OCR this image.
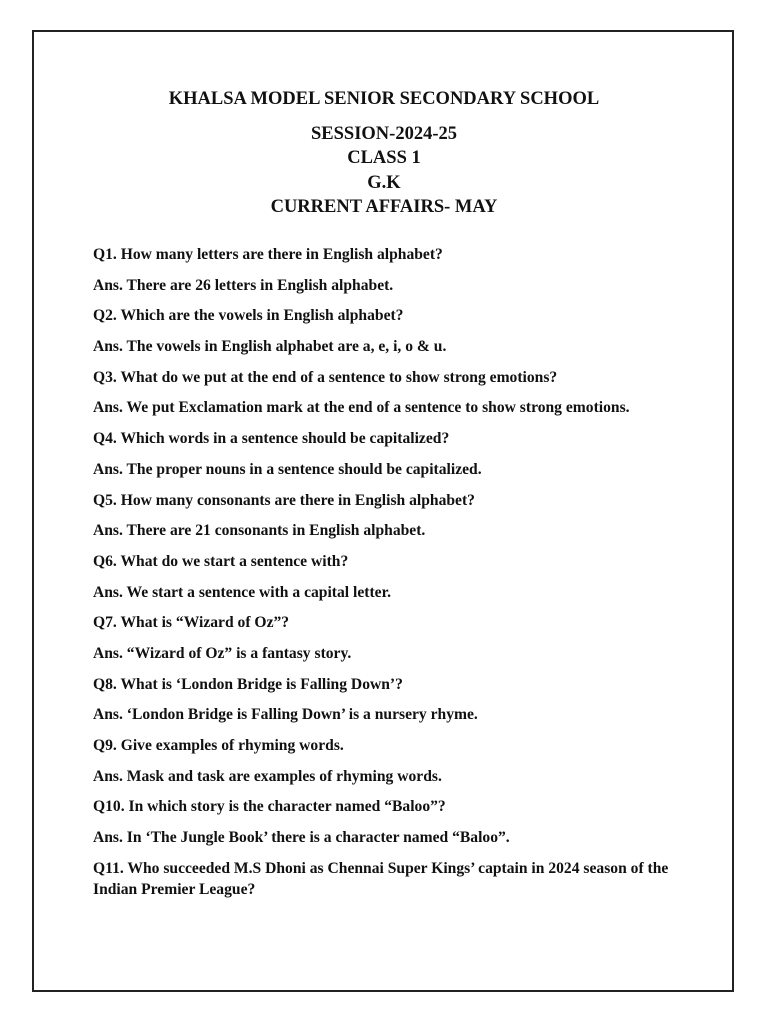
KHALSA MODEL SENIOR SECONDARY SCHOOL
SESSION-2024-25
CLASS 1
G.K
CURRENT AFFAIRS- MAY

Q1. How many letters are there in English alphabet?

Ans. There are 26 letters in English alphabet.

Q2. Which are the vowels in English alphabet?

Ans. The vowels in English alphabet are a, e, i, o & u.

Q3. What do we put at the end of a sentence to show strong emotions?

Ans. We put Exclamation mark at the end of a sentence to show strong emotions.

Q4. Which words in a sentence should be capitalized?

Ans. The proper nouns in a sentence should be capitalized.

Q5. How many consonants are there in English alphabet?

Ans. There are 21 consonants in English alphabet.

Q6. What do we start a sentence with?

Ans. We start a sentence with a capital letter.

Q7. What is “Wizard of Oz”?

Ans. “Wizard of Oz” is a fantasy story.

Q8. What is ‘London Bridge is Falling Down’?

Ans. ‘London Bridge is Falling Down’ is a nursery rhyme.

Q9. Give examples of rhyming words.

Ans. Mask and task are examples of rhyming words.

Q10. In which story is the character named “Baloo”?

Ans. In ‘The Jungle Book’ there is a character named “Baloo”.

Q11. Who succeeded M.S Dhoni as Chennai Super Kings’ captain in 2024 season of the Indian Premier League?
